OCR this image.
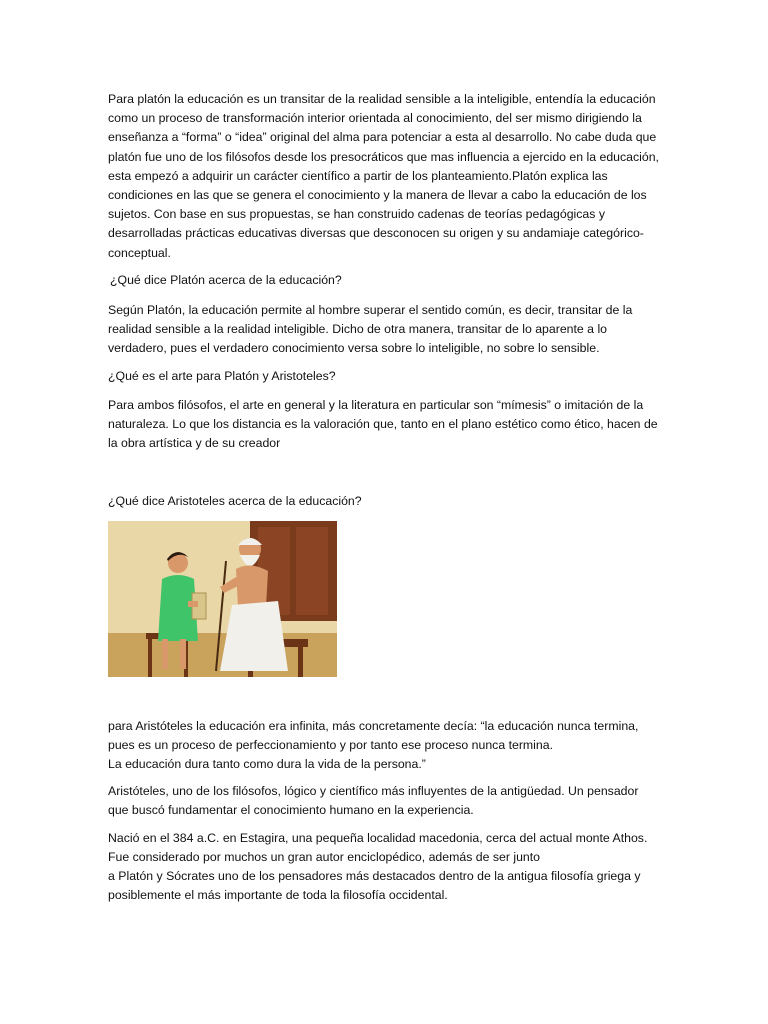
Para platón la educación es un transitar de la realidad sensible a la inteligible, entendía la educación como un proceso de transformación interior orientada al conocimiento, del ser mismo dirigiendo la enseñanza a “forma” o “idea” original del alma para potenciar a esta al desarrollo. No cabe duda que platón fue uno de los filósofos desde los presocráticos que mas influencia a ejercido en la educación, esta empezó a adquirir un carácter científico a partir de los planteamiento.Platón explica las condiciones en las que se genera el conocimiento y la manera de llevar a cabo la educación de los sujetos. Con base en sus propuestas, se han construido cadenas de teorías pedagógicas y desarrolladas prácticas educativas diversas que desconocen su origen y su andamiaje categórico-conceptual.

¿Qué dice Platón acerca de la educación?

Según Platón, la educación permite al hombre superar el sentido común, es decir, transitar de la realidad sensible a la realidad inteligible. Dicho de otra manera, transitar de lo aparente a lo verdadero, pues el verdadero conocimiento versa sobre lo inteligible, no sobre lo sensible.

¿Qué es el arte para Platón y Aristoteles?

Para ambos filósofos, el arte en general y la literatura en particular son “mímesis” o imitación de la naturaleza. Lo que los distancia es la valoración que, tanto en el plano estético como ético, hacen de la obra artística y de su creador

¿Qué dice Aristoteles acerca de la educación?

para Aristóteles la educación era infinita, más concretamente decía: “la educación nunca termina, pues es un proceso de perfeccionamiento y por tanto ese proceso nunca termina.
La educación dura tanto como dura la vida de la persona.”

Aristóteles, uno de los filósofos, lógico y científico más influyentes de la antigüedad. Un pensador que buscó fundamentar el conocimiento humano en la experiencia.

Nació en el 384 a.C. en Estagira, una pequeña localidad macedonia, cerca del actual monte Athos.
Fue considerado por muchos un gran autor enciclopédico, además de ser junto
a Platón y Sócrates uno de los pensadores más destacados dentro de la antigua filosofía griega y posiblemente el más importante de toda la filosofía occidental.
